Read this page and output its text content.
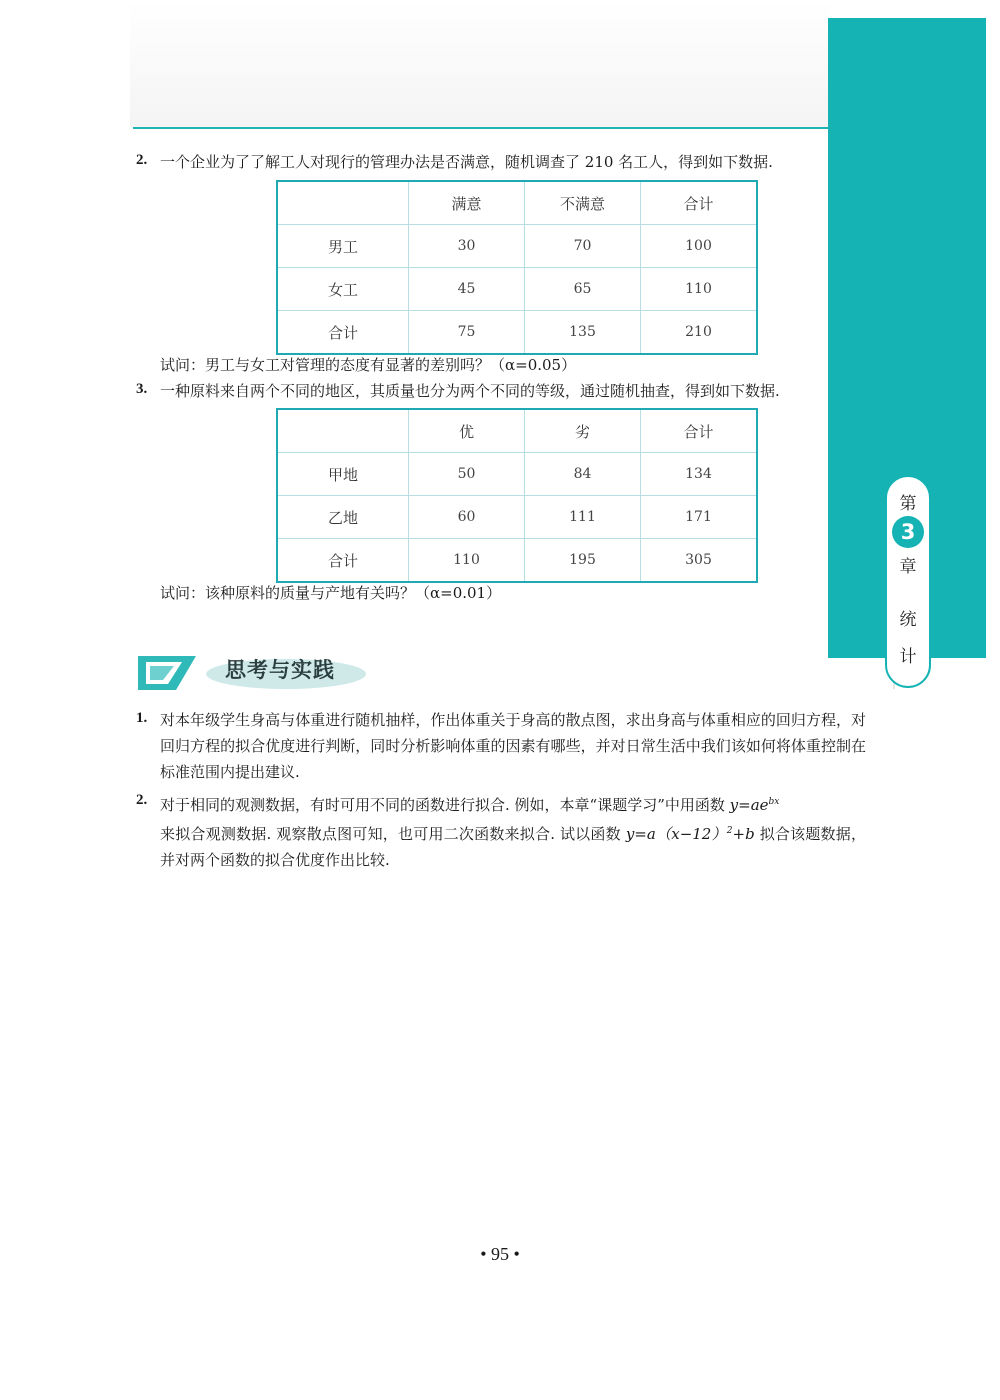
第
3
章
统
计
2. 一个企业为了了解工人对现行的管理办法是否满意，随机调查了 210 名工人，得到如下数据.
	满意	不满意	合计
男工	30	70	100
女工	45	65	110
合计	75	135	210
试问：男工与女工对管理的态度有显著的差别吗？（α=0.05）
3. 一种原料来自两个不同的地区，其质量也分为两个不同的等级，通过随机抽查，得到如下数据.
	优	劣	合计
甲地	50	84	134
乙地	60	111	171
合计	110	195	305
试问：该种原料的质量与产地有关吗？（α=0.01）
思考与实践
1. 对本年级学生身高与体重进行随机抽样，作出体重关于身高的散点图，求出身高与体重相应的回归方程，对回归方程的拟合优度进行判断，同时分析影响体重的因素有哪些，并对日常生活中我们该如何将体重控制在标准范围内提出建议.
2. 对于相同的观测数据，有时可用不同的函数进行拟合. 例如，本章“课题学习”中用函数 $y=ae^{bx}$
来拟合观测数据. 观察散点图可知，也可用二次函数来拟合. 试以函数 $y=a(x-12)^2+b$ 拟合该题数据，并对两个函数的拟合优度作出比较.
• 95 •
